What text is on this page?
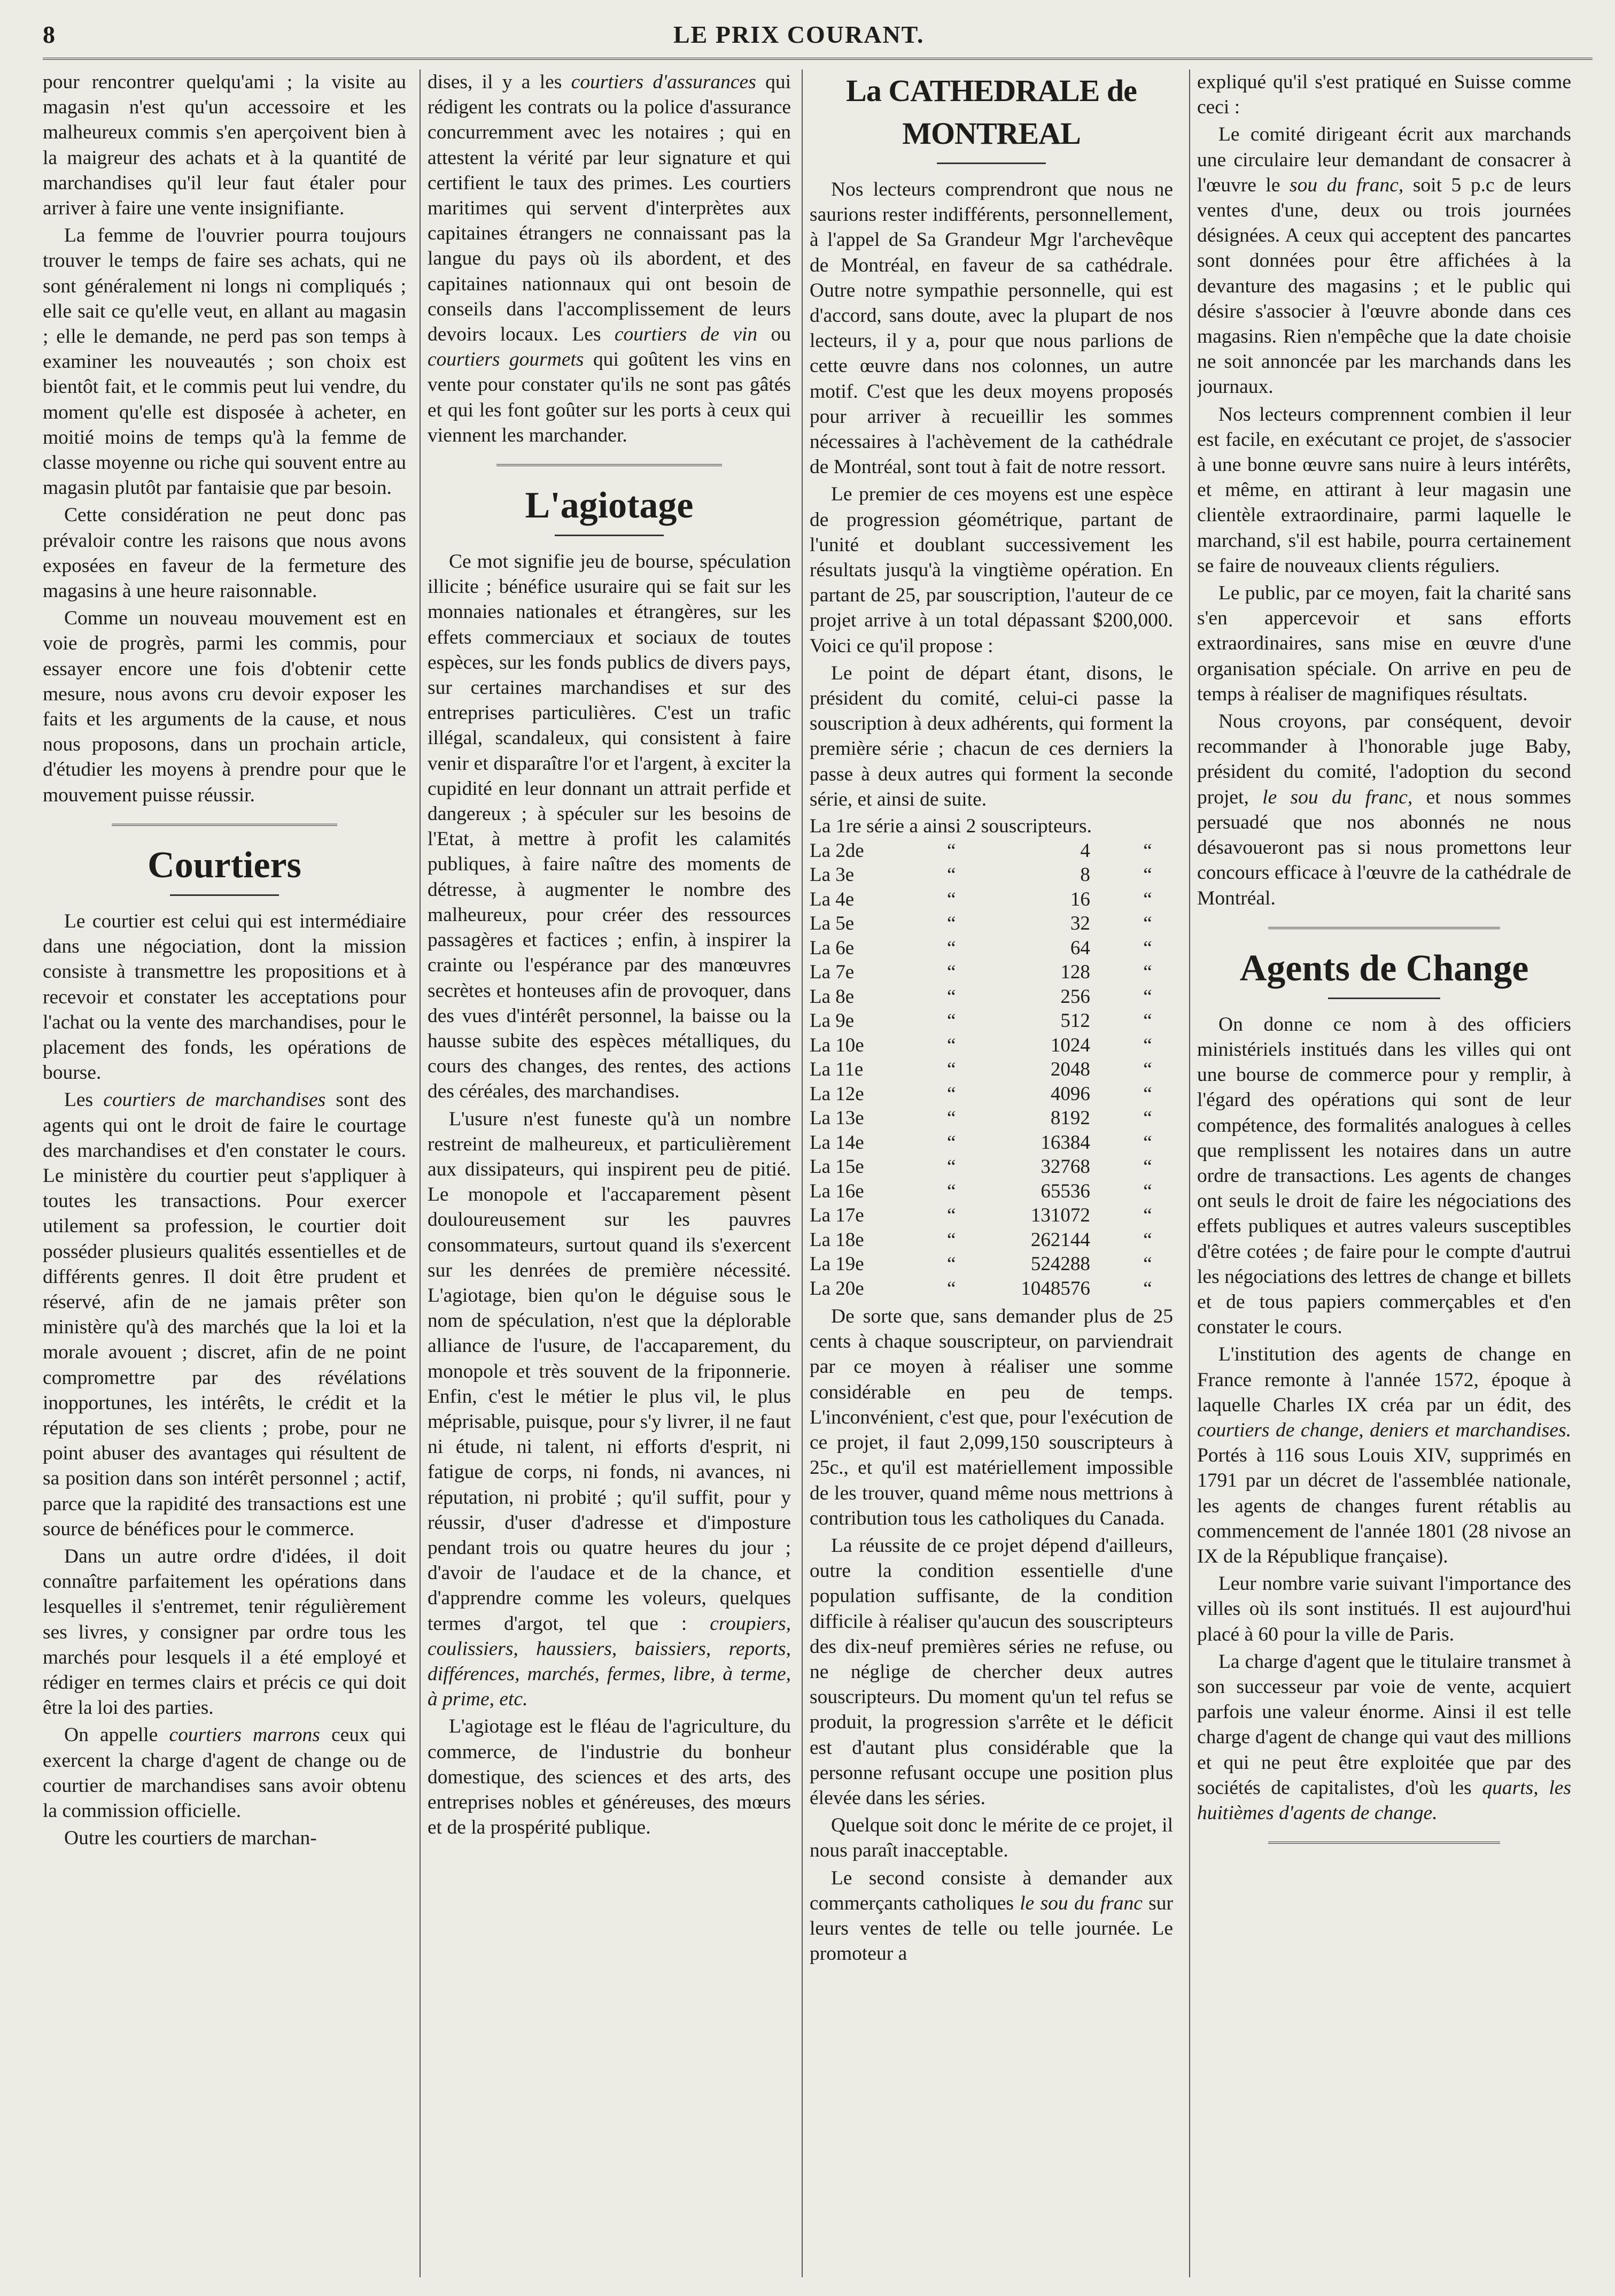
8	LE PRIX COURANT.

pour rencontrer quelqu'ami ; la visite au magasin n'est qu'un accessoire et les malheureux commis s'en aperçoivent bien à la maigreur des achats et à la quantité de marchandises qu'il leur faut étaler pour arriver à faire une vente insignifiante.

La femme de l'ouvrier pourra toujours trouver le temps de faire ses achats, qui ne sont généralement ni longs ni compliqués ; elle sait ce qu'elle veut, en allant au magasin ; elle le demande, ne perd pas son temps à examiner les nouveautés ; son choix est bientôt fait, et le commis peut lui vendre, du moment qu'elle est disposée à acheter, en moitié moins de temps qu'à la femme de classe moyenne ou riche qui souvent entre au magasin plutôt par fantaisie que par besoin.

Cette considération ne peut donc pas prévaloir contre les raisons que nous avons exposées en faveur de la fermeture des magasins à une heure raisonnable.

Comme un nouveau mouvement est en voie de progrès, parmi les commis, pour essayer encore une fois d'obtenir cette mesure, nous avons cru devoir exposer les faits et les arguments de la cause, et nous nous proposons, dans un prochain article, d'étudier les moyens à prendre pour que le mouvement puisse réussir.

Courtiers

Le courtier est celui qui est intermédiaire dans une négociation, dont la mission consiste à transmettre les propositions et à recevoir et constater les acceptations pour l'achat ou la vente des marchandises, pour le placement des fonds, les opérations de bourse.

Les courtiers de marchandises sont des agents qui ont le droit de faire le courtage des marchandises et d'en constater le cours. Le ministère du courtier peut s'appliquer à toutes les transactions. Pour exercer utilement sa profession, le courtier doit posséder plusieurs qualités essentielles et de différents genres. Il doit être prudent et réservé, afin de ne jamais prêter son ministère qu'à des marchés que la loi et la morale avouent ; discret, afin de ne point compromettre par des révélations inopportunes, les intérêts, le crédit et la réputation de ses clients ; probe, pour ne point abuser des avantages qui résultent de sa position dans son intérêt personnel ; actif, parce que la rapidité des transactions est une source de bénéfices pour le commerce.

Dans un autre ordre d'idées, il doit connaître parfaitement les opérations dans lesquelles il s'entremet, tenir régulièrement ses livres, y consigner par ordre tous les marchés pour lesquels il a été employé et rédiger en termes clairs et précis ce qui doit être la loi des parties.

On appelle courtiers marrons ceux qui exercent la charge d'agent de change ou de courtier de marchandises sans avoir obtenu la commission officielle.

Outre les courtiers de marchan-

dises, il y a les courtiers d'assurances qui rédigent les contrats ou la police d'assurance concurremment avec les notaires ; qui en attestent la vérité par leur signature et qui certifient le taux des primes. Les courtiers maritimes qui servent d'interprètes aux capitaines étrangers ne connaissant pas la langue du pays où ils abordent, et des capitaines nationnaux qui ont besoin de conseils dans l'accomplissement de leurs devoirs locaux. Les courtiers de vin ou courtiers gourmets qui goûtent les vins en vente pour constater qu'ils ne sont pas gâtés et qui les font goûter sur les ports à ceux qui viennent les marchander.

L'agiotage

Ce mot signifie jeu de bourse, spéculation illicite ; bénéfice usuraire qui se fait sur les monnaies nationales et étrangères, sur les effets commerciaux et sociaux de toutes espèces, sur les fonds publics de divers pays, sur certaines marchandises et sur des entreprises particulières. C'est un trafic illégal, scandaleux, qui consistent à faire venir et disparaître l'or et l'argent, à exciter la cupidité en leur donnant un attrait perfide et dangereux ; à spéculer sur les besoins de l'Etat, à mettre à profit les calamités publiques, à faire naître des moments de détresse, à augmenter le nombre des malheureux, pour créer des ressources passagères et factices ; enfin, à inspirer la crainte ou l'espérance par des manœuvres secrètes et honteuses afin de provoquer, dans des vues d'intérêt personnel, la baisse ou la hausse subite des espèces métalliques, du cours des changes, des rentes, des actions des céréales, des marchandises.

L'usure n'est funeste qu'à un nombre restreint de malheureux, et particulièrement aux dissipateurs, qui inspirent peu de pitié. Le monopole et l'accaparement pèsent douloureusement sur les pauvres consommateurs, surtout quand ils s'exercent sur les denrées de première nécessité. L'agiotage, bien qu'on le déguise sous le nom de spéculation, n'est que la déplorable alliance de l'usure, de l'accaparement, du monopole et très souvent de la friponnerie. Enfin, c'est le métier le plus vil, le plus méprisable, puisque, pour s'y livrer, il ne faut ni étude, ni talent, ni efforts d'esprit, ni fatigue de corps, ni fonds, ni avances, ni réputation, ni probité ; qu'il suffit, pour y réussir, d'user d'adresse et d'imposture pendant trois ou quatre heures du jour ; d'avoir de l'audace et de la chance, et d'apprendre comme les voleurs, quelques termes d'argot, tel que : croupiers, coulissiers, haussiers, baissiers, reports, différences, marchés, fermes, libre, à terme, à prime, etc.

L'agiotage est le fléau de l'agriculture, du commerce, de l'industrie du bonheur domestique, des sciences et des arts, des entreprises nobles et généreuses, des mœurs et de la prospérité publique.

La CATHEDRALE de MONTREAL

Nos lecteurs comprendront que nous ne saurions rester indifférents, personnellement, à l'appel de Sa Grandeur Mgr l'archevêque de Montréal, en faveur de sa cathédrale. Outre notre sympathie personnelle, qui est d'accord, sans doute, avec la plupart de nos lecteurs, il y a, pour que nous parlions de cette œuvre dans nos colonnes, un autre motif. C'est que les deux moyens proposés pour arriver à recueillir les sommes nécessaires à l'achèvement de la cathédrale de Montréal, sont tout à fait de notre ressort.

Le premier de ces moyens est une espèce de progression géométrique, partant de l'unité et doublant successivement les résultats jusqu'à la vingtième opération. En partant de 25, par souscription, l'auteur de ce projet arrive à un total dépassant $200,000. Voici ce qu'il propose :

Le point de départ étant, disons, le président du comité, celui-ci passe la souscription à deux adhérents, qui forment la première série ; chacun de ces derniers la passe à deux autres qui forment la seconde série, et ainsi de suite.

La 1re série a ainsi 2 souscripteurs.
La 2de	“	4	“
La 3e	“	8	“
La 4e	“	16	“
La 5e	“	32	“
La 6e	“	64	“
La 7e	“	128	“
La 8e	“	256	“
La 9e	“	512	“
La 10e	“	1024	“
La 11e	“	2048	“
La 12e	“	4096	“
La 13e	“	8192	“
La 14e	“	16384	“
La 15e	“	32768	“
La 16e	“	65536	“
La 17e	“	131072	“
La 18e	“	262144	“
La 19e	“	524288	“
La 20e	“	1048576	“

De sorte que, sans demander plus de 25 cents à chaque souscripteur, on parviendrait par ce moyen à réaliser une somme considérable en peu de temps. L'inconvénient, c'est que, pour l'exécution de ce projet, il faut 2,099,150 souscripteurs à 25c., et qu'il est matériellement impossible de les trouver, quand même nous mettrions à contribution tous les catholiques du Canada.

La réussite de ce projet dépend d'ailleurs, outre la condition essentielle d'une population suffisante, de la condition difficile à réaliser qu'aucun des souscripteurs des dix-neuf premières séries ne refuse, ou ne néglige de chercher deux autres souscripteurs. Du moment qu'un tel refus se produit, la progression s'arrête et le déficit est d'autant plus considérable que la personne refusant occupe une position plus élevée dans les séries.

Quelque soit donc le mérite de ce projet, il nous paraît inacceptable.

Le second consiste à demander aux commerçants catholiques le sou du franc sur leurs ventes de telle ou telle journée. Le promoteur a

expliqué qu'il s'est pratiqué en Suisse comme ceci :

Le comité dirigeant écrit aux marchands une circulaire leur demandant de consacrer à l'œuvre le sou du franc, soit 5 p.c de leurs ventes d'une, deux ou trois journées désignées. A ceux qui acceptent des pancartes sont données pour être affichées à la devanture des magasins ; et le public qui désire s'associer à l'œuvre abonde dans ces magasins. Rien n'empêche que la date choisie ne soit annoncée par les marchands dans les journaux.

Nos lecteurs comprennent combien il leur est facile, en exécutant ce projet, de s'associer à une bonne œuvre sans nuire à leurs intérêts, et même, en attirant à leur magasin une clientèle extraordinaire, parmi laquelle le marchand, s'il est habile, pourra certainement se faire de nouveaux clients réguliers.

Le public, par ce moyen, fait la charité sans s'en appercevoir et sans efforts extraordinaires, sans mise en œuvre d'une organisation spéciale. On arrive en peu de temps à réaliser de magnifiques résultats.

Nous croyons, par conséquent, devoir recommander à l'honorable juge Baby, président du comité, l'adoption du second projet, le sou du franc, et nous sommes persuadé que nos abonnés ne nous désavoueront pas si nous promettons leur concours efficace à l'œuvre de la cathédrale de Montréal.

Agents de Change

On donne ce nom à des officiers ministériels institués dans les villes qui ont une bourse de commerce pour y remplir, à l'égard des opérations qui sont de leur compétence, des formalités analogues à celles que remplissent les notaires dans un autre ordre de transactions. Les agents de changes ont seuls le droit de faire les négociations des effets publiques et autres valeurs susceptibles d'être cotées ; de faire pour le compte d'autrui les négociations des lettres de change et billets et de tous papiers commerçables et d'en constater le cours.

L'institution des agents de change en France remonte à l'année 1572, époque à laquelle Charles IX créa par un édit, des courtiers de change, deniers et marchandises. Portés à 116 sous Louis XIV, supprimés en 1791 par un décret de l'assemblée nationale, les agents de changes furent rétablis au commencement de l'année 1801 (28 nivose an IX de la République française).

Leur nombre varie suivant l'importance des villes où ils sont institués. Il est aujourd'hui placé à 60 pour la ville de Paris.

La charge d'agent que le titulaire transmet à son successeur par voie de vente, acquiert parfois une valeur énorme. Ainsi il est telle charge d'agent de change qui vaut des millions et qui ne peut être exploitée que par des sociétés de capitalistes, d'où les quarts, les huitièmes d'agents de change.
